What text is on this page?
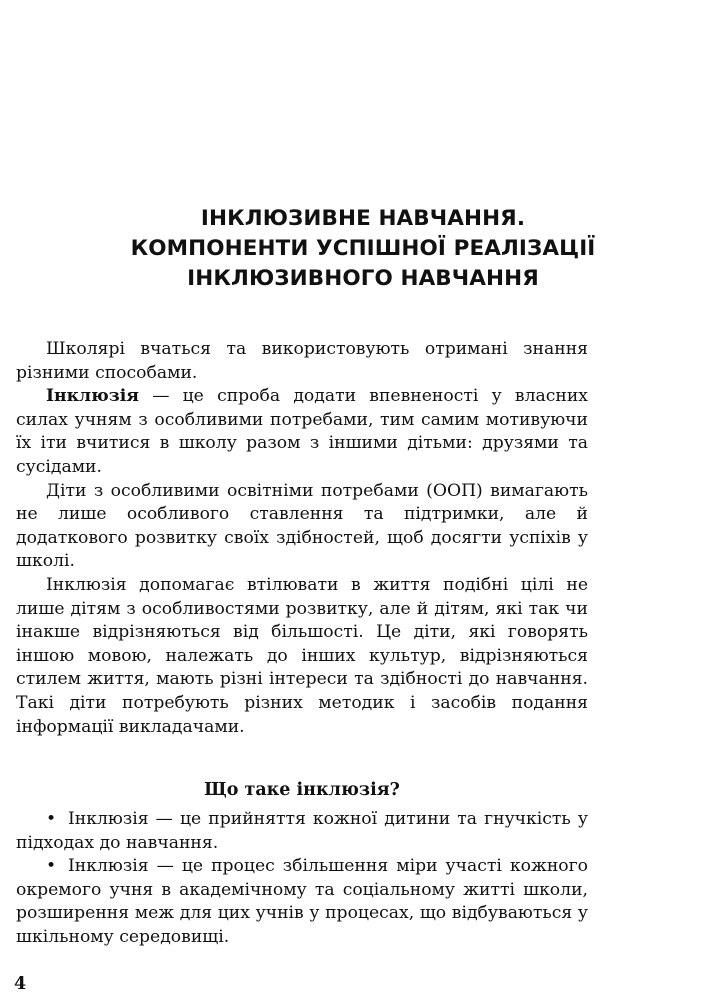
ІНКЛЮЗИВНЕ НАВЧАННЯ.
КОМПОНЕНТИ УСПІШНОЇ РЕАЛІЗАЦІЇ
ІНКЛЮЗИВНОГО НАВЧАННЯ

Школярі вчаться та використовують отримані знання різними способами.

Інклюзія — це спроба додати впевненості у власних силах учням з особливими потребами, тим самим мотивуючи їх іти вчитися в школу разом з іншими дітьми: друзями та сусідами.

Діти з особливими освітніми потребами (ООП) вимагають не лише особливого ставлення та підтримки, але й додаткового розвитку своїх здібностей, щоб досягти успіхів у школі.

Інклюзія допомагає втілювати в життя подібні цілі не лише дітям з особливостями розвитку, але й дітям, які так чи інакше відрізняються від більшості. Це діти, які говорять іншою мовою, належать до інших культур, відрізняються стилем життя, мають різні інтереси та здібності до навчання. Такі діти потребують різних методик і засобів подання інформації викладачами.

Що таке інклюзія?

• Інклюзія — це прийняття кожної дитини та гнучкість у підходах до навчання.

• Інклюзія — це процес збільшення міри участі кожного окремого учня в академічному та соціальному житті школи, розширення меж для цих учнів у процесах, що відбуваються у шкільному середовищі.

4
